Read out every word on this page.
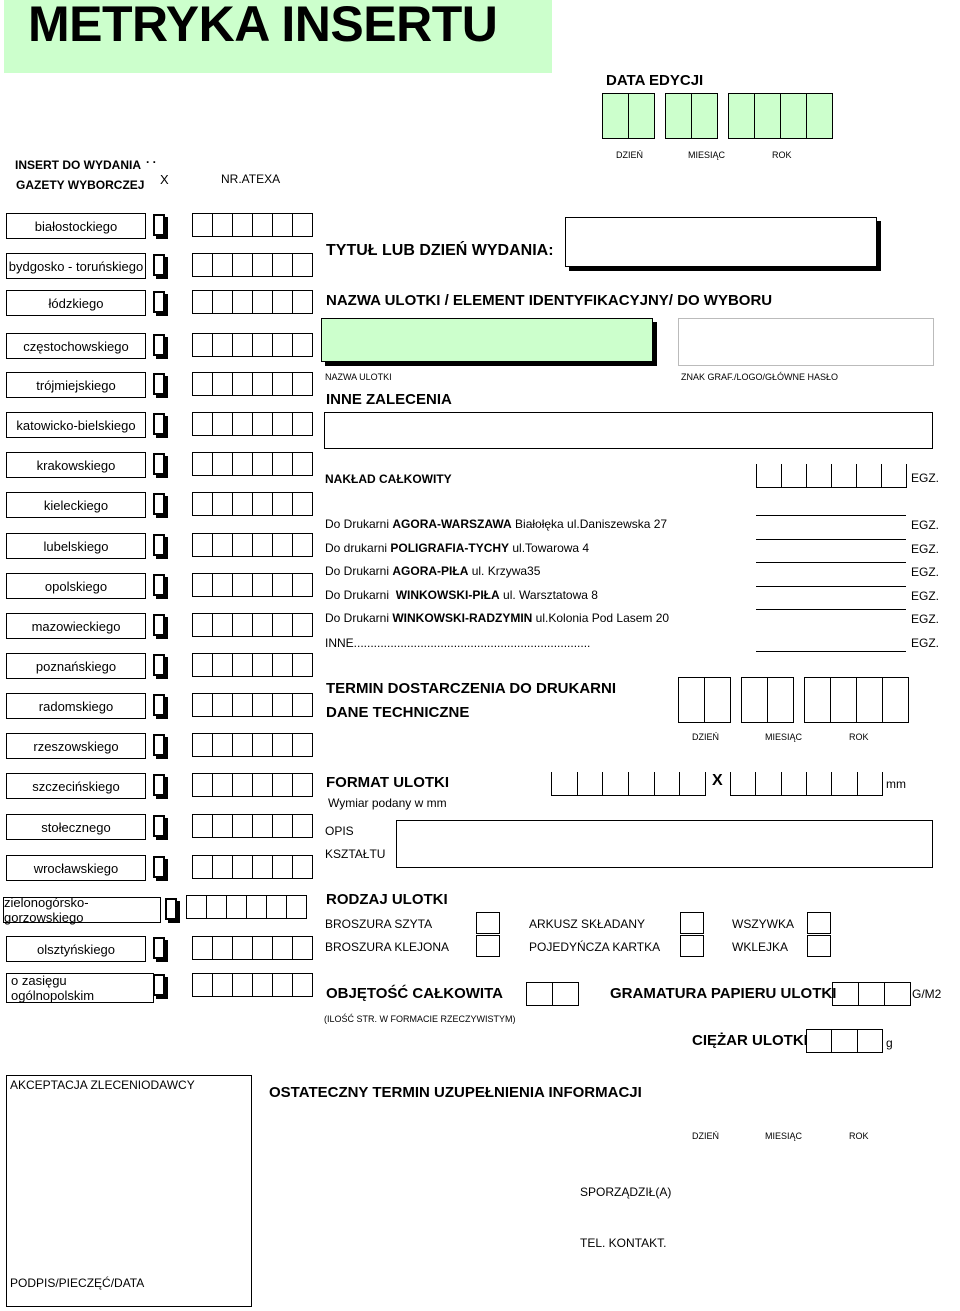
METRYKA INSERTU
DATA EDYCJI
DZIEŃ	MIESIĄC	ROK
INSERT DO WYDANIA
GAZETY WYBORCZEJ
. .
X	NR.ATEXA
białostockiego
bydgosko - toruńskiego
łódzkiego
częstochowskiego
trójmiejskiego
katowicko-bielskiego
krakowskiego
kieleckiego
lubelskiego
opolskiego
mazowieckiego
poznańskiego
radomskiego
rzeszowskiego
szczecińskiego
stołecznego
wrocławskiego
zielonogórsko-gorzowskiego
olsztyńskiego
o zasięgu ogólnopolskim
TYTUŁ LUB DZIEŃ WYDANIA:
NAZWA ULOTKI / ELEMENT IDENTYFIKACYJNY/ DO WYBORU
NAZWA ULOTKI	ZNAK GRAF./LOGO/GŁÓWNE HASŁO
INNE ZALECENIA
NAKŁAD CAŁKOWITY	EGZ.
Do Drukarni AGORA-WARSZAWA Białołęka ul.Daniszewska 27	EGZ.
Do drukarni POLIGRAFIA-TYCHY ul.Towarowa 4	EGZ.
Do Drukarni AGORA-PIŁA ul. Krzywa35	EGZ.
Do Drukarni  WINKOWSKI-PIŁA ul. Warsztatowa 8	EGZ.
Do Drukarni WINKOWSKI-RADZYMIN ul.Kolonia Pod Lasem 20	EGZ.
INNE.......................................................................	EGZ.
TERMIN DOSTARCZENIA DO DRUKARNI
DANE TECHNICZNE
DZIEŃ	MIESIĄC	ROK
FORMAT ULOTKI
Wymiar podany w mm
X	mm
OPIS
KSZTAŁTU
RODZAJ ULOTKI
BROSZURA SZYTA	ARKUSZ SKŁADANY	WSZYWKA
BROSZURA KLEJONA	POJEDYŃCZA KARTKA	WKLEJKA
OBJĘTOŚĆ CAŁKOWITA
(ILOŚĆ STR. W FORMACIE RZECZYWISTYM)
GRAMATURA PAPIERU ULOTKI	G/M2
CIĘŻAR ULOTKI	g
AKCEPTACJA ZLECENIODAWCY
PODPIS/PIECZĘĆ/DATA
OSTATECZNY TERMIN UZUPEŁNIENIA INFORMACJI
DZIEŃ	MIESIĄC	ROK
SPORZĄDZIŁ(A)
TEL. KONTAKT.
